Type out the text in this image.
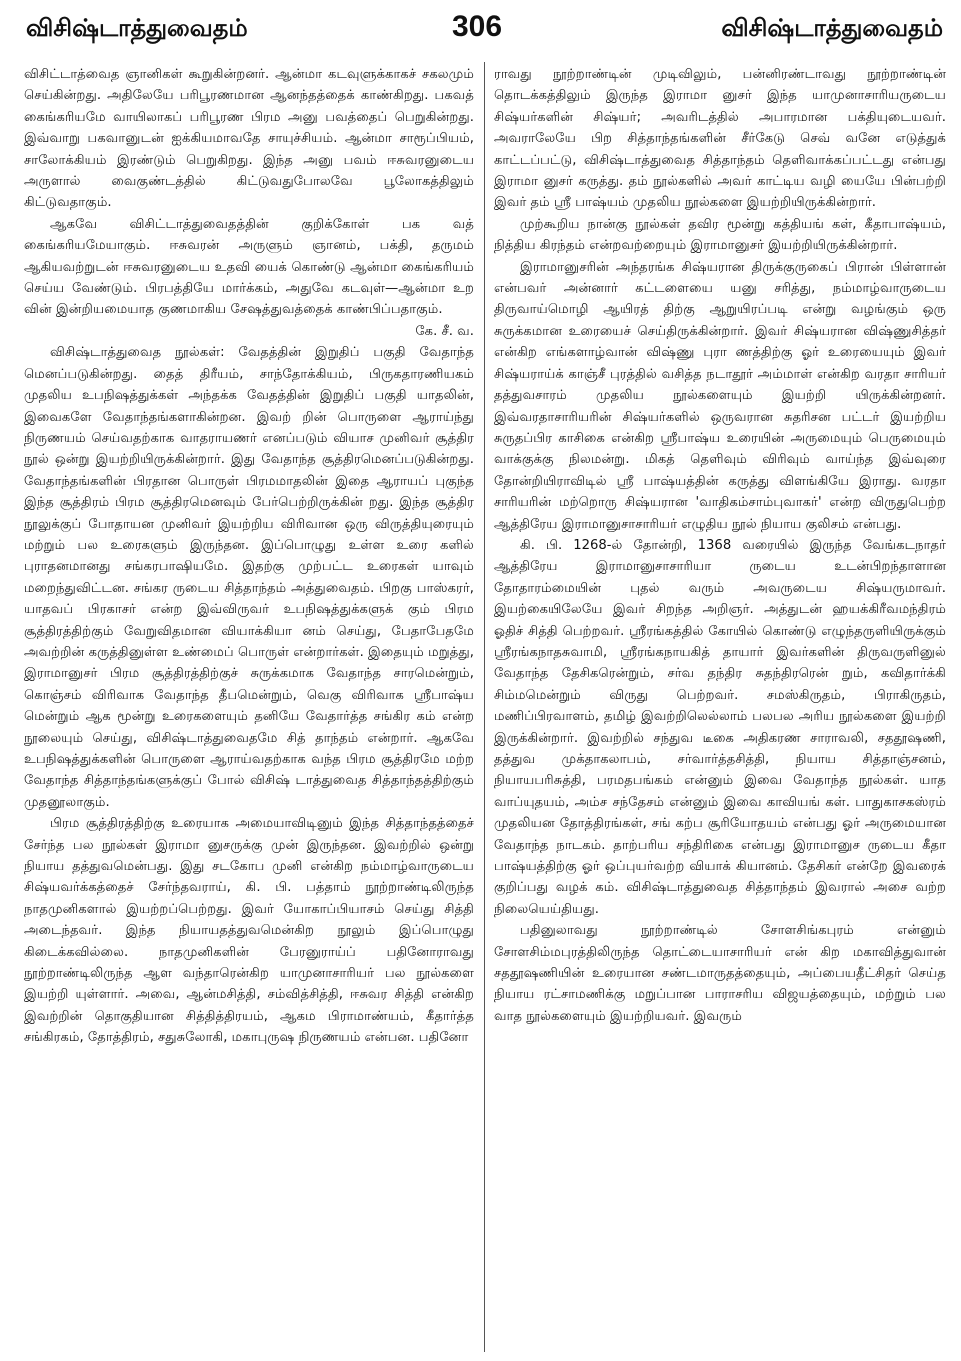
விசிஷ்டாத்துவைதம்	306	விசிஷ்டாத்துவைதம்

விசிட்டாத்வைத ஞானிகள் கூறுகின்றனர். ஆன்மா கடவுளுக்காகச் சகலமும் செய்கின்றது. அதிலேயே பரிபூரணமான ஆனந்தத்தைக் காண்கிறது. பகவத் கைங்கரியமே வாயிலாகப் பரிபூரண பிரம அனு பவத்தைப் பெறுகின்றது. இவ்வாறு பகவானுடன் ஐக்கியமாவதே சாயுச்சியம். ஆன்மா சாரூப்பியம், சாலோக்கியம் இரண்டும் பெறுகிறது. இந்த அனு பவம் ஈசுவரனுடைய அருளால் வைகுண்டத்தில் கிட்டுவதுபோலவே பூலோகத்திலும் கிட்டுவதாகும்.

ஆகவே விசிட்டாத்துவைதத்தின் குறிக்கோள் பக வத் கைங்கரியமேயாகும். ஈசுவரன் அருளும் ஞானம், பக்தி, தருமம் ஆகியவற்றுடன் ஈசுவரனுடைய உதவி யைக் கொண்டு ஆன்மா கைங்கரியம் செய்ய வேண்டும். பிரபத்தியே மார்க்கம், அதுவே கடவுள்—ஆன்மா உற வின் இன்றியமையாத குணமாகிய சேஷத்துவத்தைக் காண்பிப்பதாகும்.

கே. சீ. வ.

விசிஷ்டாத்துவைத நூல்கள்: வேதத்தின் இறுதிப் பகுதி வேதாந்த மெனப்படுகின்றது. தைத் திரீயம், சாந்தோக்கியம், பிருகதாரணியகம் முதலிய உபநிஷத்துக்கள் அந்தக்க வேதத்தின் இறுதிப் பகுதி யாதலின், இவைகளே வேதாந்தங்களாகின்றன. இவற் றின் பொருளை ஆராய்ந்து நிருணயம் செய்வதற்காக வாதராயணர் எனப்படும் வியாச முனிவர் சூத்திர நூல் ஒன்று இயற்றியிருக்கின்றார். இது வேதாந்த சூத்திரமெனப்படுகின்றது. வேதாந்தங்களின் பிரதான பொருள் பிரமமாதலின் இதை ஆராயப் புகுந்த இந்த சூத்திரம் பிரம சூத்திரமெனவும் பேர்பெற்றிருக்கின் றது. இந்த சூத்திர நூலுக்குப் போதாயன முனிவர் இயற்றிய விரிவான ஒரு விருத்தியுரையும் மற்றும் பல உரைகளும் இருந்தன. இப்பொழுது உள்ள உரை களில் புராதனமானது சங்கரபாஷியமே. இதற்கு முற்பட்ட உரைகள் யாவும் மறைந்துவிட்டன. சங்கர ருடைய சித்தாந்தம் அத்துவைதம். பிறகு பாஸ்கரர், யாதவப் பிரகாசர் என்ற இவ்விருவர் உபநிஷத்துக்களுக் கும் பிரம சூத்திரத்திற்கும் வேறுவிதமான வியாக்கியா னம் செய்து, பேதாபேதமே அவற்றின் கருத்தினுள்ள உண்மைப் பொருள் என்றார்கள். இதையும் மறுத்து, இராமானுசர் பிரம சூத்திரத்திற்குச் சுருக்கமாக வேதாந்த சாரமென்றும், கொஞ்சம் விரிவாக வேதாந்த தீபமென்றும், வெகு விரிவாக ஸ்ரீபாஷ்ய மென்றும் ஆக மூன்று உரைகளையும் தனியே வேதார்த்த சங்கிர கம் என்ற நூலையும் செய்து, விசிஷ்டாத்துவைதமே சித் தாந்தம் என்றார். ஆகவே உபநிஷத்துக்களின் பொருளை ஆராய்வதற்காக வந்த பிரம சூத்திரமே மற்ற வேதாந்த சித்தாந்தங்களுக்குப் போல் விசிஷ் டாத்துவைத சித்தாந்தத்திற்கும் முதனூலாகும்.

பிரம சூத்திரத்திற்கு உரையாக அமையாவிடினும் இந்த சித்தாந்தத்தைச் சேர்ந்த பல நூல்கள் இராமா னுசருக்கு முன் இருந்தன. இவற்றில் ஒன்று நியாய தத்துவமென்பது. இது சடகோப முனி என்கிற நம்மாழ்வாருடைய சிஷ்யவர்க்கத்தைச் சேர்ந்தவராய், கி. பி. பத்தாம் நூற்றாண்டிலிருந்த நாதமுனிகளால் இயற்றப்பெற்றது. இவர் யோகாப்பியாசம் செய்து சித்தி அடைந்தவர். இந்த நியாயதத்துவமென்கிற நூலும் இப்பொழுது கிடைக்கவில்லை. நாதமுனிகளின் பேரனுராய்ப் பதினோராவது நூற்றாண்டிலிருந்த ஆள வந்தாரென்கிற யாமுனாசாரியர் பல நூல்களை இயற்றி யுள்ளார். அவை, ஆன்மசித்தி, சம்வித்சித்தி, ஈசுவர சித்தி என்கிற இவற்றின் தொகுதியான சித்தித்திரயம், ஆகம பிராமாண்யம், கீதார்த்த சங்கிரகம், தோத்திரம், சதுசுலோகி, மகாபுருஷ நிருணயம் என்பன. பதினோ

ராவது நூற்றாண்டின் முடிவிலும், பன்னிரண்டாவது நூற்றாண்டின் தொடக்கத்திலும் இருந்த இராமா னுசர் இந்த யாமுனாசாரியருடைய சிஷ்யர்களின் சிஷ்யர்; அவரிடத்தில் அபாரமான பக்தியுடையவர். அவராலேயே பிற சித்தாந்தங்களின் சீர்கேடு செவ் வனே எடுத்துக் காட்டப்பட்டு, விசிஷ்டாத்துவைத சித்தாந்தம் தெளிவாக்கப்பட்டது என்பது இராமா னுசர் கருத்து. தம் நூல்களில் அவர் காட்டிய வழி யையே பின்பற்றி இவர் தம் ஸ்ரீ பாஷ்யம் முதலிய நூல்களை இயற்றியிருக்கின்றார்.

முற்கூறிய நான்கு நூல்கள் தவிர மூன்று கத்தியங் கள், கீதாபாஷ்யம், நித்திய கிரந்தம் என்றவற்றையும் இராமானுசர் இயற்றியிருக்கின்றார்.

இராமானுசரின் அந்தரங்க சிஷ்யரான திருக்குருகைப் பிரான் பிள்ளான் என்பவர் அன்னார் கட்டளையை யனு சரித்து, நம்மாழ்வாருடைய திருவாய்மொழி ஆயிரத் திற்கு ஆறுயிரப்படி என்று வழங்கும் ஒரு சுருக்கமான உரையைச் செய்திருக்கின்றார். இவர் சிஷ்யரான விஷ்ணுசித்தர் என்கிற எங்களாழ்வான் விஷ்ணு புரா ணத்திற்கு ஓர் உரையையும் இவர் சிஷ்யராய்க் காஞ்சீ புரத்தில் வசித்த நடாதூர் அம்மாள் என்கிற வரதா சாரியர் தத்துவசாரம் முதலிய நூல்களையும் இயற்றி யிருக்கின்றனர். இவ்வரதாசாரியரின் சிஷ்யர்களில் ஒருவரான சுதரிசன பட்டர் இயற்றிய சுருதப்பிர காசிகை என்கிற ஸ்ரீபாஷ்ய உரையின் அருமையும் பெருமையும் வாக்குக்கு நிலமன்று. மிகத் தெளிவும் விரிவும் வாய்ந்த இவ்வுரை தோன்றியிராவிடில் ஸ்ரீ பாஷ்யத்தின் கருத்து விளங்கியே இராது. வரதா சாரியரின் மற்றொரு சிஷ்யரான 'வாதிகம்சாம்புவாகர்' என்ற விருதுபெற்ற ஆத்திரேய இராமானுசாசாரியர் எழுதிய நூல் நியாய குலிசம் என்பது.

கி. பி. 1268-ல் தோன்றி, 1368 வரையில் இருந்த வேங்கடநாதர் ஆத்திரேய இராமானுசாசாரியா ருடைய உடன்பிறந்தாளான தோதாரம்மையின் புதல் வரும் அவருடைய சிஷ்யருமாவர். இயற்கையிலேயே இவர் சிறந்த அறிஞர். அத்துடன் ஹயக்கிரீவமந்திரம் ஓதிச் சித்தி பெற்றவர். ஸ்ரீரங்கத்தில் கோயில் கொண்டு எழுந்தருளியிருக்கும் ஸ்ரீரங்கநாதசுவாமி, ஸ்ரீரங்கநாயகித் தாயார் இவர்களின் திருவருளினுல் வேதாந்த தேசிகரென்றும், சர்வ தந்திர சுதந்திரரென் றும், கவிதார்க்கி சிம்மமென்றும் விருது பெற்றவர். சமஸ்கிருதம், பிராகிருதம், மணிப்பிரவாளம், தமிழ் இவற்றிலெல்லாம் பலபல அரிய நூல்களை இயற்றி இருக்கின்றார். இவற்றில் சந்துவ டீகை அதிகரண சாராவலி, சததூஷணி, தத்துவ முக்தாகலாபம், சர்வார்த்தசித்தி, நியாய சித்தாஞ்சனம், நியாயபரிசுத்தி, பரமதபங்கம் என்னும் இவை வேதாந்த நூல்கள். யாத வாப்யுதயம், அம்ச சந்தேசம் என்னும் இவை காவியங் கள். பாதுகாசகஸ்ரம் முதலியன தோத்திரங்கள், சங் கற்ப சூரியோதயம் என்பது ஓர் அருமையான வேதாந்த நாடகம். தாற்பரிய சந்திரிகை என்பது இராமானுச ருடைய கீதா பாஷ்யத்திற்கு ஓர் ஒப்புயர்வற்ற வியாக் கியானம். தேசிகர் என்றே இவரைக் குறிப்பது வழக் கம். விசிஷ்டாத்துவைத சித்தாந்தம் இவரால் அசை வற்ற நிலையெய்தியது.

பதினுலாவது நூற்றாண்டில் சோளசிங்கபுரம் என்னும் சோளசிம்மபுரத்திலிருந்த தொட்டையாசாரியர் என் கிற மகாவித்துவான் சததூஷணியின் உரையான சண்டமாருதத்தையும், அப்பையதீட்சிதர் செய்த நியாய ரட்சாமணிக்கு மறுப்பான பாராசரிய விஜயத்தையும், மற்றும் பல வாத நூல்களையும் இயற்றியவர். இவரும்
